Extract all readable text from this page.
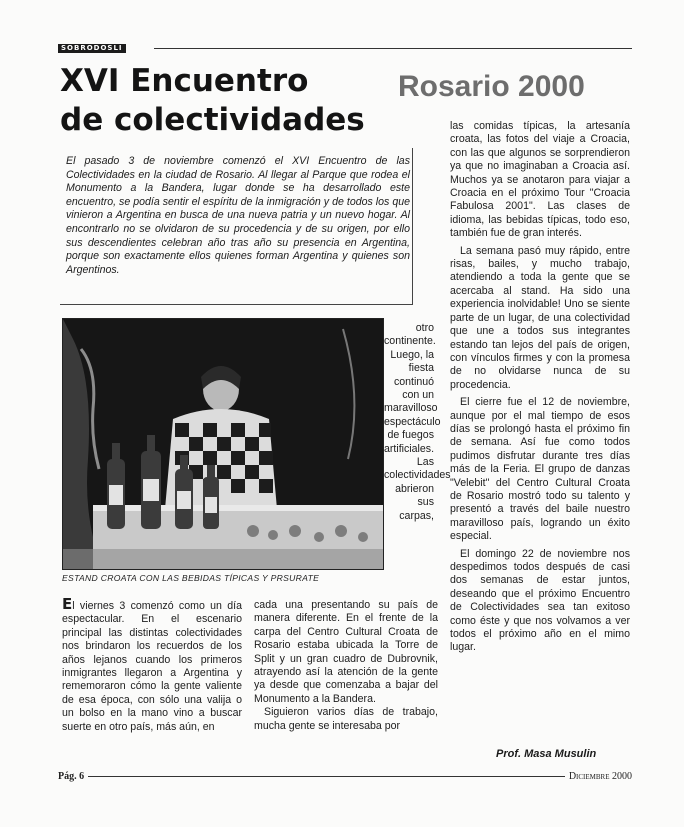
SOBRODOSLI
XVI Encuentro
de colectividades
Rosario 2000
El pasado 3 de noviembre comenzó el XVI Encuentro de las Colectividades en la ciudad de Rosario. Al llegar al Parque que rodea el Monumento a la Bandera, lugar donde se ha desarrollado este encuentro, se podía sentir el espíritu de la inmigración y de todos los que vinieron a Argentina en busca de una nueva patria y un nuevo hogar. Al encontrarlo no se olvidaron de su procedencia y de su origen, por ello sus descendientes celebran año tras año su presencia en Argentina, porque son exactamente ellos quienes forman Argentina y quienes son Argentinos.

las comidas típicas, la artesanía croata, las fotos del viaje a Croacia, con las que algunos se sorprendieron ya que no imaginaban a Croacia así. Muchos ya se anotaron para viajar a Croacia en el próximo Tour "Croacia Fabulosa 2001". Las clases de idioma, las bebidas típicas, todo eso, también fue de gran interés.

La semana pasó muy rápido, entre risas, bailes, y mucho trabajo, atendiendo a toda la gente que se acercaba al stand. Ha sido una experiencia inolvidable! Uno se siente parte de un lugar, de una colectividad que une a todos sus integrantes estando tan lejos del país de origen, con vínculos firmes y con la promesa de no olvidarse nunca de su procedencia.

El cierre fue el 12 de noviembre, aunque por el mal tiempo de esos días se prolongó hasta el próximo fin de semana. Así fue como todos pudimos disfrutar durante tres días más de la Feria. El grupo de danzas "Velebit" del Centro Cultural Croata de Rosario mostró todo su talento y presentó a través del baile nuestro maravilloso país, logrando un éxito especial.

El domingo 22 de noviembre nos despedimos todos después de casi dos semanas de estar juntos, deseando que el próximo Encuentro de Colectividades sea tan exitoso como éste y que nos volvamos a ver todos el próximo año en el mimo lugar.

ESTAND CROATA CON LAS BEBIDAS TÍPICAS Y PRSURATE
otro continente. Luego, la fiesta continuó con un maravilloso espectáculo de fuegos artificiales. Las colectividades abrieron sus carpas,

El viernes 3 comenzó como un día espectacular. En el escenario principal las distintas colectividades nos brindaron los recuerdos de los años lejanos cuando los primeros inmigrantes llegaron a Argentina y rememoraron cómo la gente valiente de esa época, con sólo una valija o un bolso en la mano vino a buscar suerte en otro país, más aún, en

cada una presentando su país de manera diferente. En el frente de la carpa del Centro Cultural Croata de Rosario estaba ubicada la Torre de Split y un gran cuadro de Dubrovnik, atrayendo así la atención de la gente ya desde que comenzaba a bajar del Monumento a la Bandera.

Siguieron varios días de trabajo, mucha gente se interesaba por

Prof. Masa Musulin
Pág. 6	Diciembre 2000
